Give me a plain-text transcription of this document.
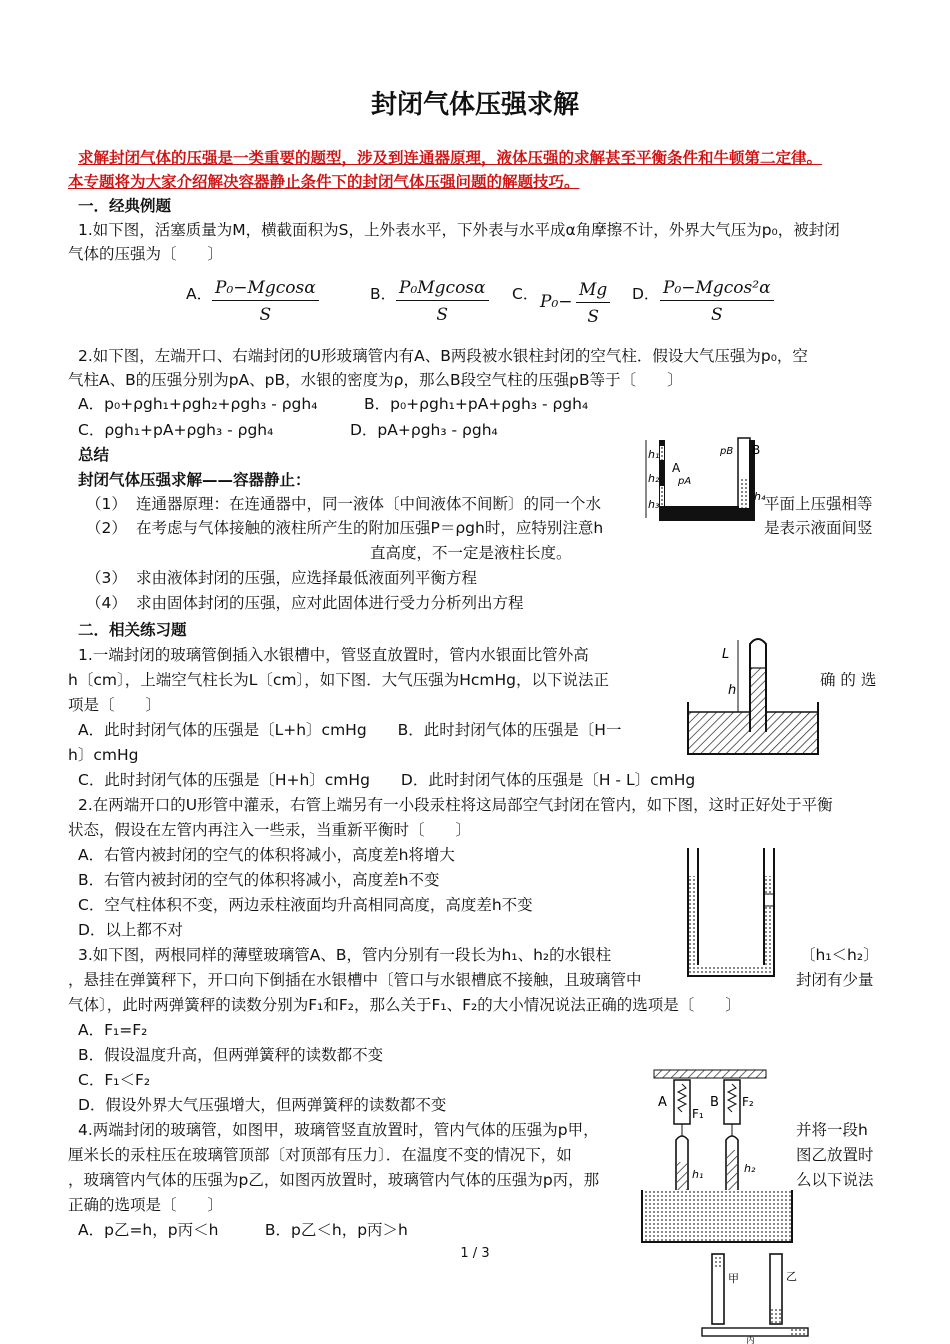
封闭气体压强求解
求解封闭气体的压强是一类重要的题型，涉及到连通器原理，液体压强的求解甚至平衡条件和牛顿第二定律。
本专题将为大家介绍解决容器静止条件下的封闭气体压强问题的解题技巧。
一．经典例题
1.如下图，活塞质量为M，横截面积为S，上外表水平，下外表与水平成α角摩擦不计，外界大气压为p₀，被封闭
气体的压强为〔　　〕
A． $\frac{\text{P₀−Mgcosα}}{S}$	B． $\frac{\text{P₀Mgcosα}}{S}$ C． $P_0- \frac{Mg}{S}$ D． $\frac{\text{P₀−Mgcos²α}}{S}$
2.如下图，左端开口、右端封闭的U形玻璃管内有A、B两段被水银柱封闭的空气柱．假设大气压强为p₀，空
气柱A、B的压强分别为pA、pB，水银的密度为ρ，那么B段空气柱的压强pB等于〔　　〕
A．p₀+ρgh₁+ρgh₂+ρgh₃ - ρgh₄	B．p₀+ρgh₁+pA+ρgh₃ - ρgh₄
C．ρgh₁+pA+ρgh₃ - ρgh₄	D．pA+ρgh₃ - ρgh₄
总结
封闭气体压强求解——容器静止：
（1） 连通器原理：在连通器中，同一液体〔中间液体不间断〕的同一个水	平面上压强相等
（2） 在考虑与气体接触的液柱所产生的附加压强P＝ρgh时，应特别注意h	是表示液面间竖
直高度，不一定是液柱长度。
（3） 求由液体封闭的压强，应选择最低液面列平衡方程
（4） 求由固体封闭的压强，应对此固体进行受力分析列出方程
h₁
h₂
h₃
A
pA
B
pB
h₄
二．相关练习题
1.一端封闭的玻璃管倒插入水银槽中，管竖直放置时，管内水银面比管外高
h〔cm〕，上端空气柱长为L〔cm〕，如下图．大气压强为HcmHg，以下说法正	确 的 选
项是〔　　〕
A．此时封闭气体的压强是〔L+h〕cmHg　　B．此时封闭气体的压强是〔H一
h〕cmHg
C．此时封闭气体的压强是〔H+h〕cmHg　　D．此时封闭气体的压强是〔H - L〕cmHg
L
h
2.在两端开口的U形管中灌汞，右管上端另有一小段汞柱将这局部空气封闭在管内，如下图，这时正好处于平衡
状态，假设在左管内再注入一些汞，当重新平衡时〔　　〕
A．右管内被封闭的空气的体积将减小，高度差h将增大
B．右管内被封闭的空气的体积将减小，高度差h不变
C．空气柱体积不变，两边汞柱液面均升高相同高度，高度差h不变
D．以上都不对
3.如下图，两根同样的薄壁玻璃管A、B，管内分别有一段长为h₁、h₂的水银柱	〔h₁＜h₂〕
，悬挂在弹簧秤下，开口向下倒插在水银槽中〔管口与水银槽底不接触，且玻璃管中	封闭有少量
气体〕，此时两弹簧秤的读数分别为F₁和F₂，那么关于F₁、F₂的大小情况说法正确的选项是〔　　〕
A．F₁=F₂
B．假设温度升高，但两弹簧秤的读数都不变
C．F₁＜F₂
D．假设外界大气压强增大，但两弹簧秤的读数都不变	A	B
F₁
F₂
h₁	h₂
4.两端封闭的玻璃管，如图甲，玻璃管竖直放置时，管内气体的压强为p甲，	并将一段h
厘米长的汞柱压在玻璃管顶部〔对顶部有压力〕．在温度不变的情况下，如	图乙放置时
，玻璃管内气体的压强为p乙，如图丙放置时，玻璃管内气体的压强为p丙，那	么以下说法
正确的选项是〔　　〕
A．p乙=h，p丙＜h　　　B．p乙＜h，p丙＞h
甲	乙
丙
1 / 3
